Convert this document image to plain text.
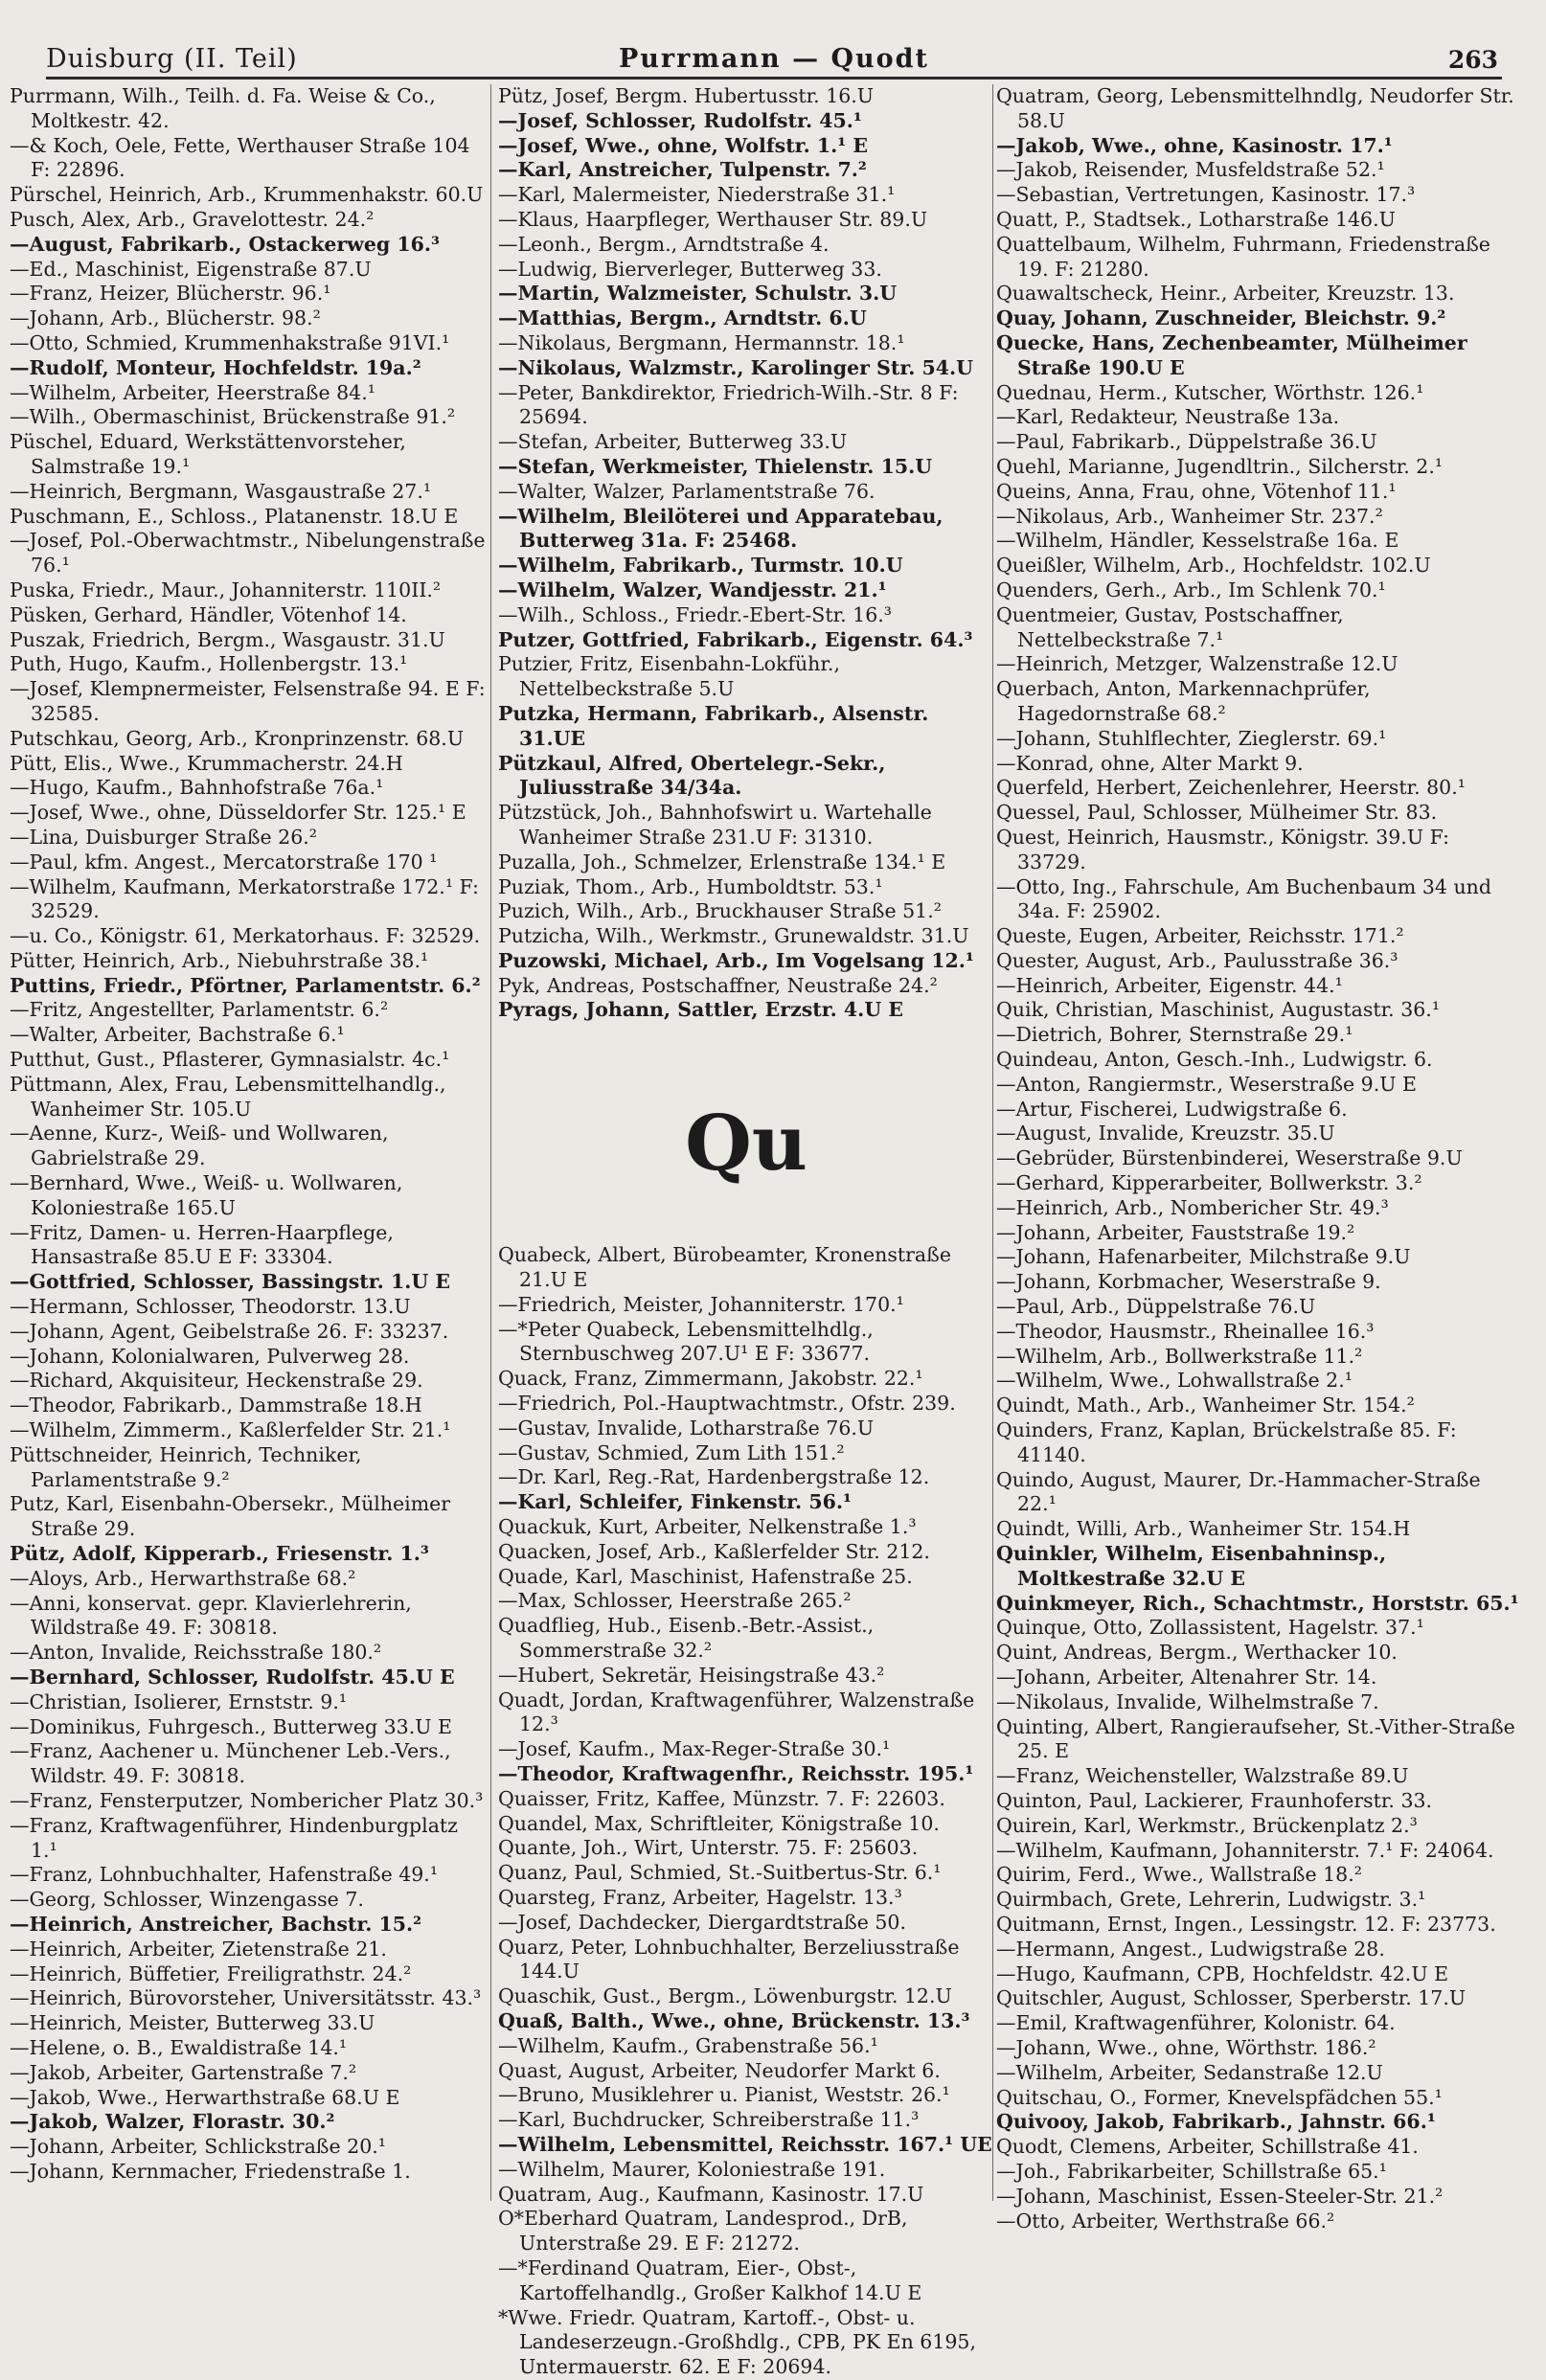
Duisburg (II. Teil)	Purrmann — Quodt	263
Purrmann, Wilh., Teilh. d. Fa. Weise & Co., Moltkestr. 42.
—& Koch, Oele, Fette, Werthauser Straße 104 F: 22896.
Pürschel, Heinrich, Arb., Krummenhakstr. 60.U
Pusch, Alex, Arb., Gravelottestr. 24.²
—August, Fabrikarb., Ostackerweg 16.³
—Ed., Maschinist, Eigenstraße 87.U
—Franz, Heizer, Blücherstr. 96.¹
—Johann, Arb., Blücherstr. 98.²
—Otto, Schmied, Krummenhakstraße 91VI.¹
—Rudolf, Monteur, Hochfeldstr. 19a.²
—Wilhelm, Arbeiter, Heerstraße 84.¹
—Wilh., Obermaschinist, Brückenstraße 91.²
Püschel, Eduard, Werkstättenvorsteher, Salmstraße 19.¹
—Heinrich, Bergmann, Wasgaustraße 27.¹
Puschmann, E., Schloss., Platanenstr. 18.U E
—Josef, Pol.-Oberwachtmstr., Nibelungenstraße 76.¹
Puska, Friedr., Maur., Johanniterstr. 110II.²
Püsken, Gerhard, Händler, Vötenhof 14.
Puszak, Friedrich, Bergm., Wasgaustr. 31.U
Puth, Hugo, Kaufm., Hollenbergstr. 13.¹
—Josef, Klempnermeister, Felsenstraße 94. E F: 32585.
Putschkau, Georg, Arb., Kronprinzenstr. 68.U
Pütt, Elis., Wwe., Krummacherstr. 24.H
—Hugo, Kaufm., Bahnhofstraße 76a.¹
—Josef, Wwe., ohne, Düsseldorfer Str. 125.¹ E
—Lina, Duisburger Straße 26.²
—Paul, kfm. Angest., Mercatorstraße 170 ¹
—Wilhelm, Kaufmann, Merkatorstraße 172.¹ F: 32529.
—u. Co., Königstr. 61, Merkatorhaus. F: 32529.
Pütter, Heinrich, Arb., Niebuhrstraße 38.¹
Puttins, Friedr., Pförtner, Parlamentstr. 6.²
—Fritz, Angestellter, Parlamentstr. 6.²
—Walter, Arbeiter, Bachstraße 6.¹
Putthut, Gust., Pflasterer, Gymnasialstr. 4c.¹
Püttmann, Alex, Frau, Lebensmittelhandlg., Wanheimer Str. 105.U
—Aenne, Kurz-, Weiß- und Wollwaren, Gabrielstraße 29.
—Bernhard, Wwe., Weiß- u. Wollwaren, Koloniestraße 165.U
—Fritz, Damen- u. Herren-Haarpflege, Hansastraße 85.U E F: 33304.
—Gottfried, Schlosser, Bassingstr. 1.U E
—Hermann, Schlosser, Theodorstr. 13.U
—Johann, Agent, Geibelstraße 26. F: 33237.
—Johann, Kolonialwaren, Pulverweg 28.
—Richard, Akquisiteur, Heckenstraße 29.
—Theodor, Fabrikarb., Dammstraße 18.H
—Wilhelm, Zimmerm., Kaßlerfelder Str. 21.¹
Püttschneider, Heinrich, Techniker, Parlamentstraße 9.²
Putz, Karl, Eisenbahn-Obersekr., Mülheimer Straße 29.
Pütz, Adolf, Kipperarb., Friesenstr. 1.³
—Aloys, Arb., Herwarthstraße 68.²
—Anni, konservat. gepr. Klavierlehrerin, Wildstraße 49. F: 30818.
—Anton, Invalide, Reichsstraße 180.²
—Bernhard, Schlosser, Rudolfstr. 45.U E
—Christian, Isolierer, Ernststr. 9.¹
—Dominikus, Fuhrgesch., Butterweg 33.U E
—Franz, Aachener u. Münchener Leb.-Vers., Wildstr. 49. F: 30818.
—Franz, Fensterputzer, Nombericher Platz 30.³
—Franz, Kraftwagenführer, Hindenburgplatz 1.¹
—Franz, Lohnbuchhalter, Hafenstraße 49.¹
—Georg, Schlosser, Winzengasse 7.
—Heinrich, Anstreicher, Bachstr. 15.²
—Heinrich, Arbeiter, Zietenstraße 21.
—Heinrich, Büffetier, Freiligrathstr. 24.²
—Heinrich, Bürovorsteher, Universitätsstr. 43.³
—Heinrich, Meister, Butterweg 33.U
—Helene, o. B., Ewaldistraße 14.¹
—Jakob, Arbeiter, Gartenstraße 7.²
—Jakob, Wwe., Herwarthstraße 68.U E
—Jakob, Walzer, Florastr. 30.²
—Johann, Arbeiter, Schlickstraße 20.¹
—Johann, Kernmacher, Friedenstraße 1.
Pütz, Josef, Bergm. Hubertusstr. 16.U
—Josef, Schlosser, Rudolfstr. 45.¹
—Josef, Wwe., ohne, Wolfstr. 1.¹ E
—Karl, Anstreicher, Tulpenstr. 7.²
—Karl, Malermeister, Niederstraße 31.¹
—Klaus, Haarpfleger, Werthauser Str. 89.U
—Leonh., Bergm., Arndtstraße 4.
—Ludwig, Bierverleger, Butterweg 33.
—Martin, Walzmeister, Schulstr. 3.U
—Matthias, Bergm., Arndtstr. 6.U
—Nikolaus, Bergmann, Hermannstr. 18.¹
—Nikolaus, Walzmstr., Karolinger Str. 54.U
—Peter, Bankdirektor, Friedrich-Wilh.-Str. 8 F: 25694.
—Stefan, Arbeiter, Butterweg 33.U
—Stefan, Werkmeister, Thielenstr. 15.U
—Walter, Walzer, Parlamentstraße 76.
—Wilhelm, Bleilöterei und Apparatebau, Butterweg 31a. F: 25468.
—Wilhelm, Fabrikarb., Turmstr. 10.U
—Wilhelm, Walzer, Wandjesstr. 21.¹
—Wilh., Schloss., Friedr.-Ebert-Str. 16.³
Putzer, Gottfried, Fabrikarb., Eigenstr. 64.³
Putzier, Fritz, Eisenbahn-Lokführ., Nettelbeckstraße 5.U
Putzka, Hermann, Fabrikarb., Alsenstr. 31.UE
Pützkaul, Alfred, Obertelegr.-Sekr., Juliusstraße 34/34a.
Pützstück, Joh., Bahnhofswirt u. Wartehalle Wanheimer Straße 231.U F: 31310.
Puzalla, Joh., Schmelzer, Erlenstraße 134.¹ E
Puziak, Thom., Arb., Humboldtstr. 53.¹
Puzich, Wilh., Arb., Bruckhauser Straße 51.²
Putzicha, Wilh., Werkmstr., Grunewaldstr. 31.U
Puzowski, Michael, Arb., Im Vogelsang 12.¹
Pyk, Andreas, Postschaffner, Neustraße 24.²
Pyrags, Johann, Sattler, Erzstr. 4.U E
Qu
Quabeck, Albert, Bürobeamter, Kronenstraße 21.U E
—Friedrich, Meister, Johanniterstr. 170.¹
—*Peter Quabeck, Lebensmittelhdlg., Sternbuschweg 207.U¹ E F: 33677.
Quack, Franz, Zimmermann, Jakobstr. 22.¹
—Friedrich, Pol.-Hauptwachtmstr., Ofstr. 239.
—Gustav, Invalide, Lotharstraße 76.U
—Gustav, Schmied, Zum Lith 151.²
—Dr. Karl, Reg.-Rat, Hardenbergstraße 12.
—Karl, Schleifer, Finkenstr. 56.¹
Quackuk, Kurt, Arbeiter, Nelkenstraße 1.³
Quacken, Josef, Arb., Kaßlerfelder Str. 212.
Quade, Karl, Maschinist, Hafenstraße 25.
—Max, Schlosser, Heerstraße 265.²
Quadflieg, Hub., Eisenb.-Betr.-Assist., Sommerstraße 32.²
—Hubert, Sekretär, Heisingstraße 43.²
Quadt, Jordan, Kraftwagenführer, Walzenstraße 12.³
—Josef, Kaufm., Max-Reger-Straße 30.¹
—Theodor, Kraftwagenfhr., Reichsstr. 195.¹
Quaisser, Fritz, Kaffee, Münzstr. 7. F: 22603.
Quandel, Max, Schriftleiter, Königstraße 10.
Quante, Joh., Wirt, Unterstr. 75. F: 25603.
Quanz, Paul, Schmied, St.-Suitbertus-Str. 6.¹
Quarsteg, Franz, Arbeiter, Hagelstr. 13.³
—Josef, Dachdecker, Diergardtstraße 50.
Quarz, Peter, Lohnbuchhalter, Berzeliusstraße 144.U
Quaschik, Gust., Bergm., Löwenburgstr. 12.U
Quaß, Balth., Wwe., ohne, Brückenstr. 13.³
—Wilhelm, Kaufm., Grabenstraße 56.¹
Quast, August, Arbeiter, Neudorfer Markt 6.
—Bruno, Musiklehrer u. Pianist, Weststr. 26.¹
—Karl, Buchdrucker, Schreiberstraße 11.³
—Wilhelm, Lebensmittel, Reichsstr. 167.¹ UE
—Wilhelm, Maurer, Koloniestraße 191.
Quatram, Aug., Kaufmann, Kasinostr. 17.U
O*Eberhard Quatram, Landesprod., DrB, Unterstraße 29. E F: 21272.
—*Ferdinand Quatram, Eier-, Obst-, Kartoffelhandlg., Großer Kalkhof 14.U E
*Wwe. Friedr. Quatram, Kartoff.-, Obst- u. Landeserzeugn.-Großhdlg., CPB, PK En 6195, Untermauerstr. 62. E F: 20694.
Quatram, Georg, Lebensmittelhndlg, Neudorfer Str. 58.U
—Jakob, Wwe., ohne, Kasinostr. 17.¹
—Jakob, Reisender, Musfeldstraße 52.¹
—Sebastian, Vertretungen, Kasinostr. 17.³
Quatt, P., Stadtsek., Lotharstraße 146.U
Quattelbaum, Wilhelm, Fuhrmann, Friedenstraße 19. F: 21280.
Quawaltscheck, Heinr., Arbeiter, Kreuzstr. 13.
Quay, Johann, Zuschneider, Bleichstr. 9.²
Quecke, Hans, Zechenbeamter, Mülheimer Straße 190.U E
Quednau, Herm., Kutscher, Wörthstr. 126.¹
—Karl, Redakteur, Neustraße 13a.
—Paul, Fabrikarb., Düppelstraße 36.U
Quehl, Marianne, Jugendltrin., Silcherstr. 2.¹
Queins, Anna, Frau, ohne, Vötenhof 11.¹
—Nikolaus, Arb., Wanheimer Str. 237.²
—Wilhelm, Händler, Kesselstraße 16a. E
Queißler, Wilhelm, Arb., Hochfeldstr. 102.U
Quenders, Gerh., Arb., Im Schlenk 70.¹
Quentmeier, Gustav, Postschaffner, Nettelbeckstraße 7.¹
—Heinrich, Metzger, Walzenstraße 12.U
Querbach, Anton, Markennachprüfer, Hagedornstraße 68.²
—Johann, Stuhlflechter, Zieglerstr. 69.¹
—Konrad, ohne, Alter Markt 9.
Querfeld, Herbert, Zeichenlehrer, Heerstr. 80.¹
Quessel, Paul, Schlosser, Mülheimer Str. 83.
Quest, Heinrich, Hausmstr., Königstr. 39.U F: 33729.
—Otto, Ing., Fahrschule, Am Buchenbaum 34 und 34a. F: 25902.
Queste, Eugen, Arbeiter, Reichsstr. 171.²
Quester, August, Arb., Paulusstraße 36.³
—Heinrich, Arbeiter, Eigenstr. 44.¹
Quik, Christian, Maschinist, Augustastr. 36.¹
—Dietrich, Bohrer, Sternstraße 29.¹
Quindeau, Anton, Gesch.-Inh., Ludwigstr. 6.
—Anton, Rangiermstr., Weserstraße 9.U E
—Artur, Fischerei, Ludwigstraße 6.
—August, Invalide, Kreuzstr. 35.U
—Gebrüder, Bürstenbinderei, Weserstraße 9.U
—Gerhard, Kipperarbeiter, Bollwerkstr. 3.²
—Heinrich, Arb., Nombericher Str. 49.³
—Johann, Arbeiter, Fauststraße 19.²
—Johann, Hafenarbeiter, Milchstraße 9.U
—Johann, Korbmacher, Weserstraße 9.
—Paul, Arb., Düppelstraße 76.U
—Theodor, Hausmstr., Rheinallee 16.³
—Wilhelm, Arb., Bollwerkstraße 11.²
—Wilhelm, Wwe., Lohwallstraße 2.¹
Quindt, Math., Arb., Wanheimer Str. 154.²
Quinders, Franz, Kaplan, Brückelstraße 85. F: 41140.
Quindo, August, Maurer, Dr.-Hammacher-Straße 22.¹
Quindt, Willi, Arb., Wanheimer Str. 154.H
Quinkler, Wilhelm, Eisenbahninsp., Moltkestraße 32.U E
Quinkmeyer, Rich., Schachtmstr., Horststr. 65.¹
Quinque, Otto, Zollassistent, Hagelstr. 37.¹
Quint, Andreas, Bergm., Werthacker 10.
—Johann, Arbeiter, Altenahrer Str. 14.
—Nikolaus, Invalide, Wilhelmstraße 7.
Quinting, Albert, Rangieraufseher, St.-Vither-Straße 25. E
—Franz, Weichensteller, Walzstraße 89.U
Quinton, Paul, Lackierer, Fraunhoferstr. 33.
Quirein, Karl, Werkmstr., Brückenplatz 2.³
—Wilhelm, Kaufmann, Johanniterstr. 7.¹ F: 24064.
Quirim, Ferd., Wwe., Wallstraße 18.²
Quirmbach, Grete, Lehrerin, Ludwigstr. 3.¹
Quitmann, Ernst, Ingen., Lessingstr. 12. F: 23773.
—Hermann, Angest., Ludwigstraße 28.
—Hugo, Kaufmann, CPB, Hochfeldstr. 42.U E
Quitschler, August, Schlosser, Sperberstr. 17.U
—Emil, Kraftwagenführer, Kolonistr. 64.
—Johann, Wwe., ohne, Wörthstr. 186.²
—Wilhelm, Arbeiter, Sedanstraße 12.U
Quitschau, O., Former, Knevelspfädchen 55.¹
Quivooy, Jakob, Fabrikarb., Jahnstr. 66.¹
Quodt, Clemens, Arbeiter, Schillstraße 41.
—Joh., Fabrikarbeiter, Schillstraße 65.¹
—Johann, Maschinist, Essen-Steeler-Str. 21.²
—Otto, Arbeiter, Werthstraße 66.²
